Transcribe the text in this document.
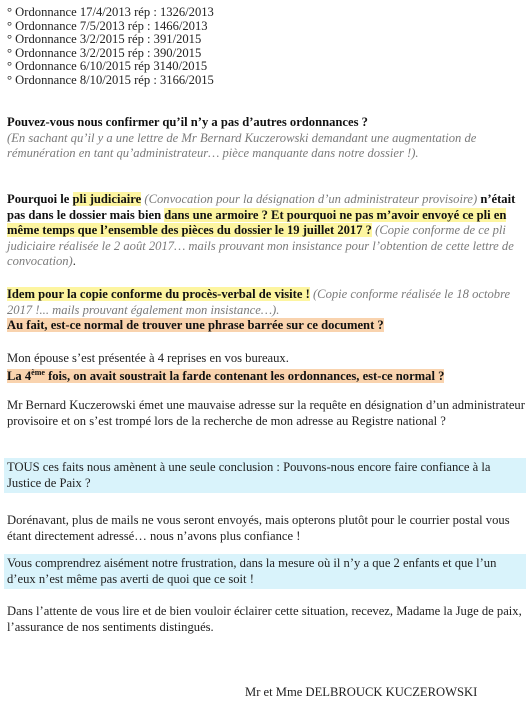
° Ordonnance 17/4/2013 rép : 1326/2013
° Ordonnance 7/5/2013 rép : 1466/2013
° Ordonnance 3/2/2015 rép : 391/2015
° Ordonnance 3/2/2015 rép : 390/2015
° Ordonnance 6/10/2015 rép 3140/2015
° Ordonnance 8/10/2015 rép : 3166/2015
Pouvez-vous nous confirmer qu’il n’y a pas d’autres ordonnances ?
(En sachant qu’il y a une lettre de Mr Bernard Kuczerowski demandant une augmentation de rémunération en tant qu’administrateur… pièce manquante dans notre dossier !).
Pourquoi le pli judiciaire (Convocation pour la désignation d’un administrateur provisoire) n’était pas dans le dossier mais bien dans une armoire ? Et pourquoi ne pas m’avoir envoyé ce pli en même temps que l’ensemble des pièces du dossier le 19 juillet 2017 ? (Copie conforme de ce pli judiciaire réalisée le 2 août 2017… mails prouvant mon insistance pour l’obtention de cette lettre de convocation).
Idem pour la copie conforme du procès-verbal de visite ! (Copie conforme réalisée le 18 octobre 2017 !... mails prouvant également mon insistance…).
Au fait, est-ce normal de trouver une phrase barrée sur ce document ?
Mon épouse s’est présentée à 4 reprises en vos bureaux.
La 4ème fois, on avait soustrait la farde contenant les ordonnances, est-ce normal ?
Mr Bernard Kuczerowski émet une mauvaise adresse sur la requête en désignation d’un administrateur provisoire et on s’est trompé lors de la recherche de mon adresse au Registre national ?
TOUS ces faits nous amènent à une seule conclusion : Pouvons-nous encore faire confiance à la Justice de Paix ?
Dorénavant, plus de mails ne vous seront envoyés, mais opterons plutôt pour le courrier postal vous étant directement adressé… nous n’avons plus confiance !
Vous comprendrez aisément notre frustration, dans la mesure où il n’y a que 2 enfants et que l’un d’eux n’est même pas averti de quoi que ce soit !
Dans l’attente de vous lire et de bien vouloir éclairer cette situation, recevez, Madame la Juge de paix, l’assurance de nos sentiments distingués.
Mr et Mme DELBROUCK KUCZEROWSKI
